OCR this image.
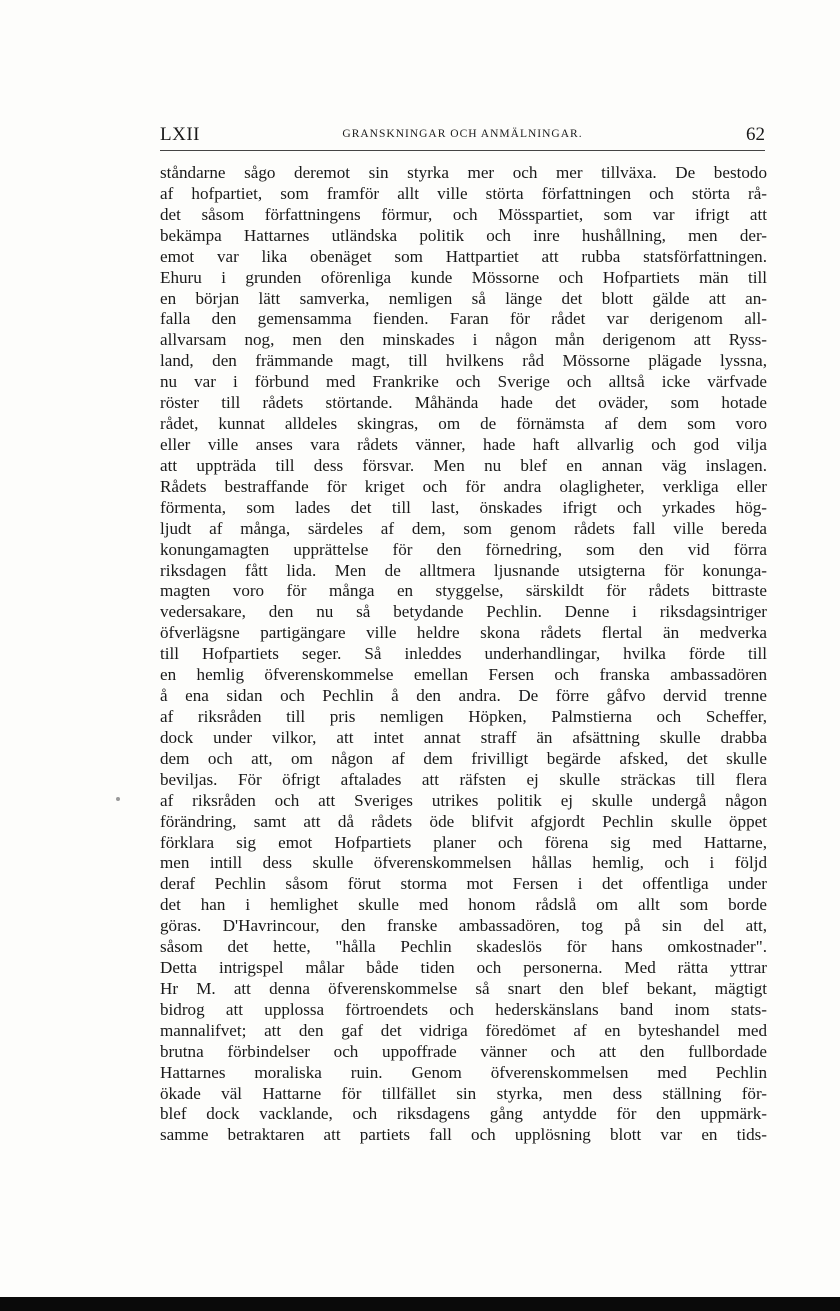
LXII	GRANSKNINGAR OCH ANMÄLNINGAR.	62
ståndarne sågo deremot sin styrka mer och mer tillväxa. De bestodo
af hofpartiet, som framför allt ville störta författningen och störta rå-
det såsom författningens förmur, och Mösspartiet, som var ifrigt att
bekämpa Hattarnes utländska politik och inre hushållning, men der-
emot var lika obenäget som Hattpartiet att rubba statsförfattningen.
Ehuru i grunden oförenliga kunde Mössorne och Hofpartiets män till
en början lätt samverka, nemligen så länge det blott gälde att an-
falla den gemensamma fienden. Faran för rådet var derigenom all-
allvarsam nog, men den minskades i någon mån derigenom att Ryss-
land, den främmande magt, till hvilkens råd Mössorne plägade lyssna,
nu var i förbund med Frankrike och Sverige och alltså icke värfvade
röster till rådets störtande. Måhända hade det oväder, som hotade
rådet, kunnat alldeles skingras, om de förnämsta af dem som voro
eller ville anses vara rådets vänner, hade haft allvarlig och god vilja
att uppträda till dess försvar. Men nu blef en annan väg inslagen.
Rådets bestraffande för kriget och för andra olagligheter, verkliga eller
förmenta, som lades det till last, önskades ifrigt och yrkades hög-
ljudt af många, särdeles af dem, som genom rådets fall ville bereda
konungamagten upprättelse för den förnedring, som den vid förra
riksdagen fått lida. Men de alltmera ljusnande utsigterna för konunga-
magten voro för många en styggelse, särskildt för rådets bittraste
vedersakare, den nu så betydande Pechlin. Denne i riksdagsintriger
öfverlägsne partigängare ville heldre skona rådets flertal än medverka
till Hofpartiets seger. Så inleddes underhandlingar, hvilka förde till
en hemlig öfverenskommelse emellan Fersen och franska ambassadören
å ena sidan och Pechlin å den andra. De förre gåfvo dervid trenne
af riksråden till pris nemligen Höpken, Palmstierna och Scheffer,
dock under vilkor, att intet annat straff än afsättning skulle drabba
dem och att, om någon af dem frivilligt begärde afsked, det skulle
beviljas. För öfrigt aftalades att räfsten ej skulle sträckas till flera
af riksråden och att Sveriges utrikes politik ej skulle undergå någon
förändring, samt att då rådets öde blifvit afgjordt Pechlin skulle öppet
förklara sig emot Hofpartiets planer och förena sig med Hattarne,
men intill dess skulle öfverenskommelsen hållas hemlig, och i följd
deraf Pechlin såsom förut storma mot Fersen i det offentliga under
det han i hemlighet skulle med honom rådslå om allt som borde
göras. D'Havrincour, den franske ambassadören, tog på sin del att,
såsom det hette, "hålla Pechlin skadeslös för hans omkostnader".
Detta intrigspel målar både tiden och personerna. Med rätta yttrar
Hr M. att denna öfverenskommelse så snart den blef bekant, mägtigt
bidrog att upplossa förtroendets och hederskänslans band inom stats-
mannalifvet; att den gaf det vidriga föredömet af en byteshandel med
brutna förbindelser och uppoffrade vänner och att den fullbordade
Hattarnes moraliska ruin. Genom öfverenskommelsen med Pechlin
ökade väl Hattarne för tillfället sin styrka, men dess ställning för-
blef dock vacklande, och riksdagens gång antydde för den uppmärk-
samme betraktaren att partiets fall och upplösning blott var en tids-
